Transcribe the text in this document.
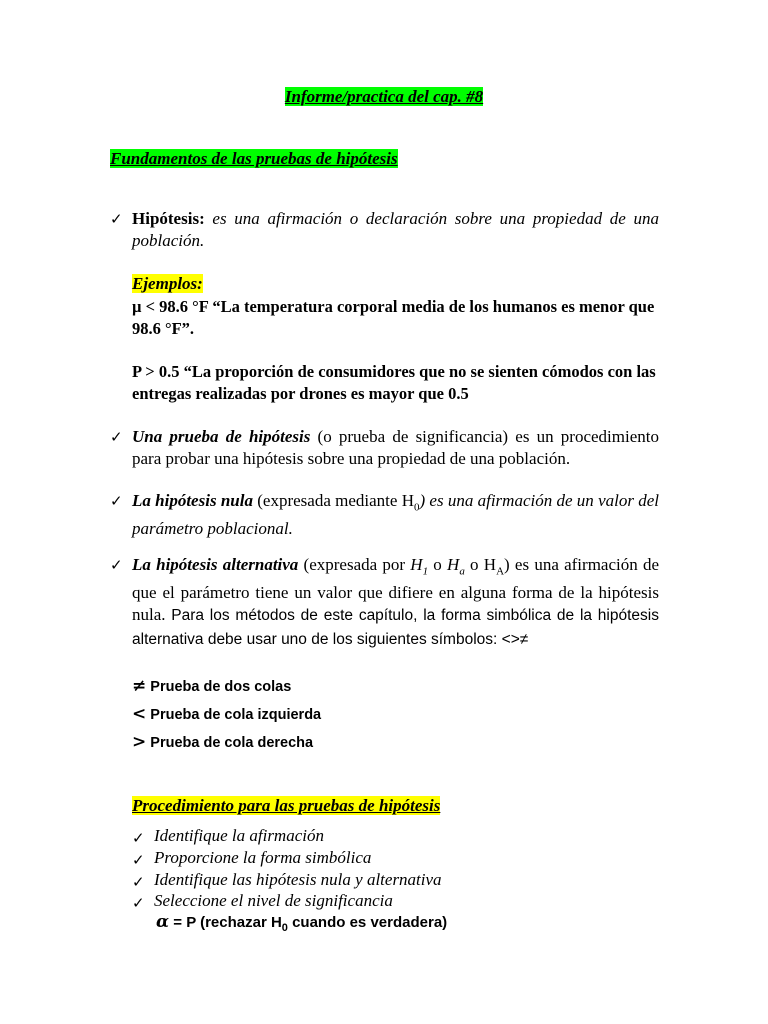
Informe/practica del cap. #8
Fundamentos de las pruebas de hipótesis
✓ Hipótesis: es una afirmación o declaración sobre una propiedad de una población.
Ejemplos:
µ < 98.6 °F “La temperatura corporal media de los humanos es menor que 98.6 °F”.
P > 0.5 “La proporción de consumidores que no se sienten cómodos con las entregas realizadas por drones es mayor que 0.5
✓ Una prueba de hipótesis (o prueba de significancia) es un procedimiento para probar una hipótesis sobre una propiedad de una población.
✓ La hipótesis nula (expresada mediante $H_0$) es una afirmación de un valor del parámetro poblacional.
✓ La hipótesis alternativa (expresada por $H_1$ o $H_a$ o $H_A$) es una afirmación de que el parámetro tiene un valor que difiere en alguna forma de la hipótesis nula. Para los métodos de este capítulo, la forma simbólica de la hipótesis alternativa debe usar uno de los siguientes símbolos: <>≠
≠ Prueba de dos colas
< Prueba de cola izquierda
> Prueba de cola derecha
Procedimiento para las pruebas de hipótesis
✓ Identifique la afirmación
✓ Proporcione la forma simbólica
✓ Identifique las hipótesis nula y alternativa
✓ Seleccione el nivel de significancia
α = P (rechazar $H_0$ cuando es verdadera)
